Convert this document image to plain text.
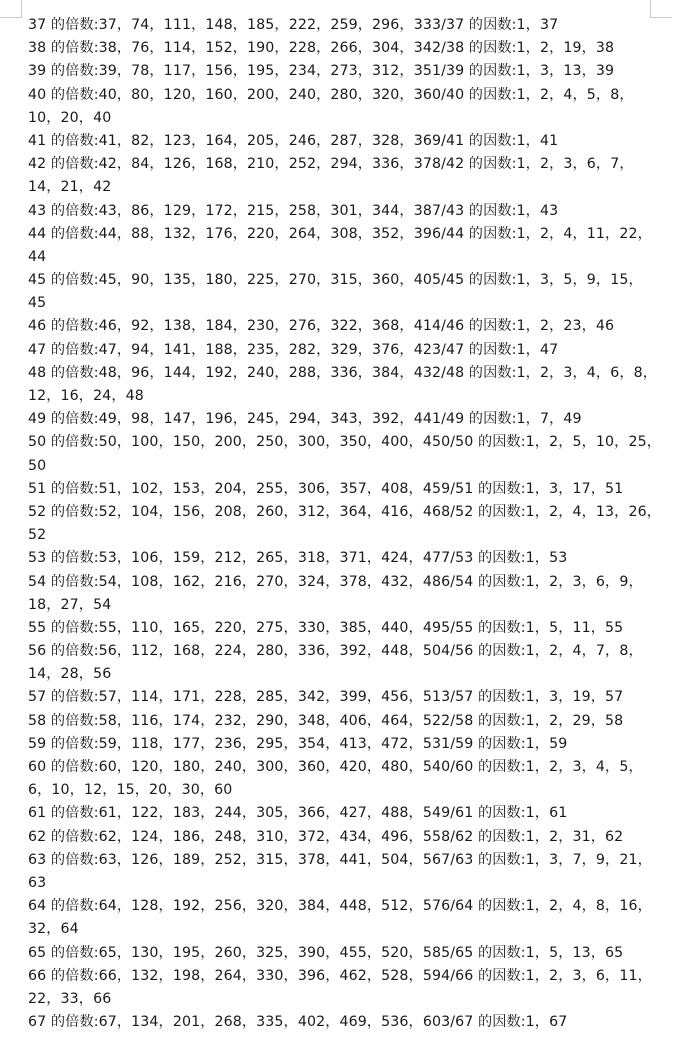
37 的倍数:37，74，111，148，185，222，259，296，333/37 的因数:1，37
38 的倍数:38，76，114，152，190，228，266，304，342/38 的因数:1，2，19，38
39 的倍数:39，78，117，156，195，234，273，312，351/39 的因数:1，3，13，39
40 的倍数:40，80，120，160，200，240，280，320，360/40 的因数:1，2，4，5，8，
10，20，40
41 的倍数:41，82，123，164，205，246，287，328，369/41 的因数:1，41
42 的倍数:42，84，126，168，210，252，294，336，378/42 的因数:1，2，3，6，7，
14，21，42
43 的倍数:43，86，129，172，215，258，301，344，387/43 的因数:1，43
44 的倍数:44，88，132，176，220，264，308，352，396/44 的因数:1，2，4，11，22，
44
45 的倍数:45，90，135，180，225，270，315，360，405/45 的因数:1，3，5，9，15，
45
46 的倍数:46，92，138，184，230，276，322，368，414/46 的因数:1，2，23，46
47 的倍数:47，94，141，188，235，282，329，376，423/47 的因数:1，47
48 的倍数:48，96，144，192，240，288，336，384，432/48 的因数:1，2，3，4，6，8，
12，16，24，48
49 的倍数:49，98，147，196，245，294，343，392，441/49 的因数:1，7，49
50 的倍数:50，100，150，200，250，300，350，400，450/50 的因数:1，2，5，10，25，
50
51 的倍数:51，102，153，204，255，306，357，408，459/51 的因数:1，3，17，51
52 的倍数:52，104，156，208，260，312，364，416，468/52 的因数:1，2，4，13，26，
52
53 的倍数:53，106，159，212，265，318，371，424，477/53 的因数:1，53
54 的倍数:54，108，162，216，270，324，378，432，486/54 的因数:1，2，3，6，9，
18，27，54
55 的倍数:55，110，165，220，275，330，385，440，495/55 的因数:1，5，11，55
56 的倍数:56，112，168，224，280，336，392，448，504/56 的因数:1，2，4，7，8，
14，28，56
57 的倍数:57，114，171，228，285，342，399，456，513/57 的因数:1，3，19，57
58 的倍数:58，116，174，232，290，348，406，464，522/58 的因数:1，2，29，58
59 的倍数:59，118，177，236，295，354，413，472，531/59 的因数:1，59
60 的倍数:60，120，180，240，300，360，420，480，540/60 的因数:1，2，3，4，5，
6，10，12，15，20，30，60
61 的倍数:61，122，183，244，305，366，427，488，549/61 的因数:1，61
62 的倍数:62，124，186，248，310，372，434，496，558/62 的因数:1，2，31，62
63 的倍数:63，126，189，252，315，378，441，504，567/63 的因数:1，3，7，9，21，
63
64 的倍数:64，128，192，256，320，384，448，512，576/64 的因数:1，2，4，8，16，
32，64
65 的倍数:65，130，195，260，325，390，455，520，585/65 的因数:1，5，13，65
66 的倍数:66，132，198，264，330，396，462，528，594/66 的因数:1，2，3，6，11，
22，33，66
67 的倍数:67，134，201，268，335，402，469，536，603/67 的因数:1，67
